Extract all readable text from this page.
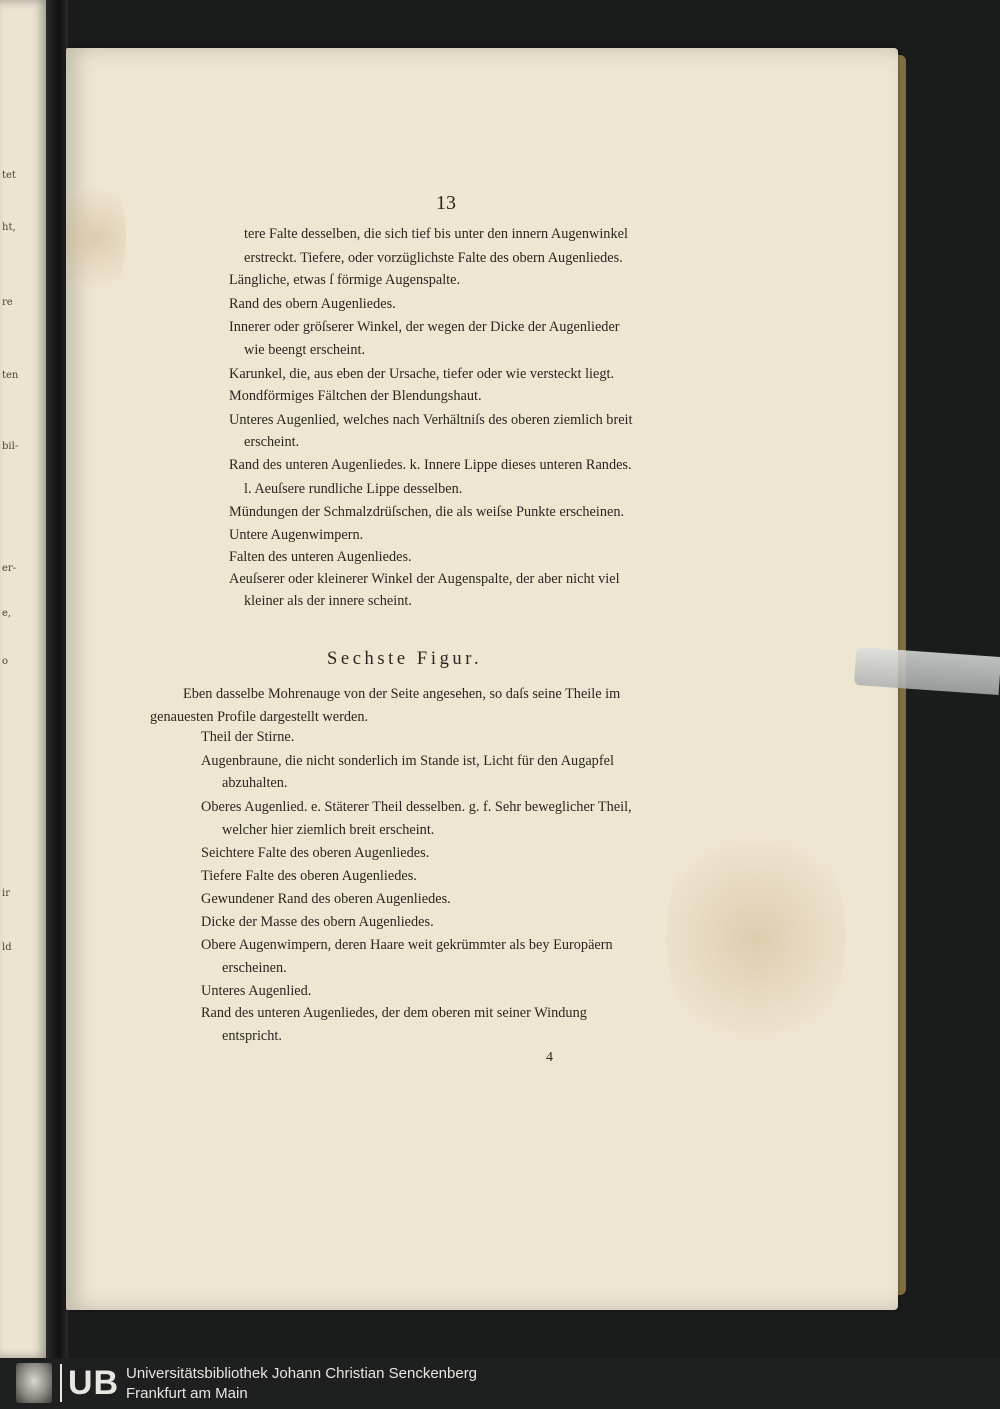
tet
ht,
re
ten
bil-
er-
e,
o
ir
ld
13
tere Falte desselben, die sich tief bis unter den innern Augenwinkel
erstreckt. Tiefere, oder vorzüglichste Falte des obern Augenliedes.
Längliche, etwas ſ förmige Augenspalte.
Rand des obern Augenliedes.
Innerer oder gröſserer Winkel, der wegen der Dicke der Augenlieder
wie beengt erscheint.
Karunkel, die, aus eben der Ursache, tiefer oder wie versteckt liegt.
Mondförmiges Fältchen der Blendungshaut.
Unteres Augenlied, welches nach Verhältniſs des oberen ziemlich breit
erscheint.
Rand des unteren Augenliedes. k. Innere Lippe dieses unteren Randes.
l. Aeuſsere rundliche Lippe desselben.
Mündungen der Schmalzdrüſschen, die als weiſse Punkte erscheinen.
Untere Augenwimpern.
Falten des unteren Augenliedes.
Aeuſserer oder kleinerer Winkel der Augenspalte, der aber nicht viel
kleiner als der innere scheint.
Eben dasselbe Mohrenauge von der Seite angesehen, so daſs seine Theile im
genauesten Profile dargestellt werden.
Theil der Stirne.
Augenbraune, die nicht sonderlich im Stande ist, Licht für den Augapfel
abzuhalten.
Oberes Augenlied. e. Stäterer Theil desselben. g. f. Sehr beweglicher Theil,
welcher hier ziemlich breit erscheint.
Seichtere Falte des oberen Augenliedes.
Tiefere Falte des oberen Augenliedes.
Gewundener Rand des oberen Augenliedes.
Dicke der Masse des obern Augenliedes.
Obere Augenwimpern, deren Haare weit gekrümmter als bey Europäern
erscheinen.
Unteres Augenlied.
Rand des unteren Augenliedes, der dem oberen mit seiner Windung
entspricht.
Sechste Figur.
4
UB Universitätsbibliothek Johann Christian Senckenberg
Frankfurt am Main
